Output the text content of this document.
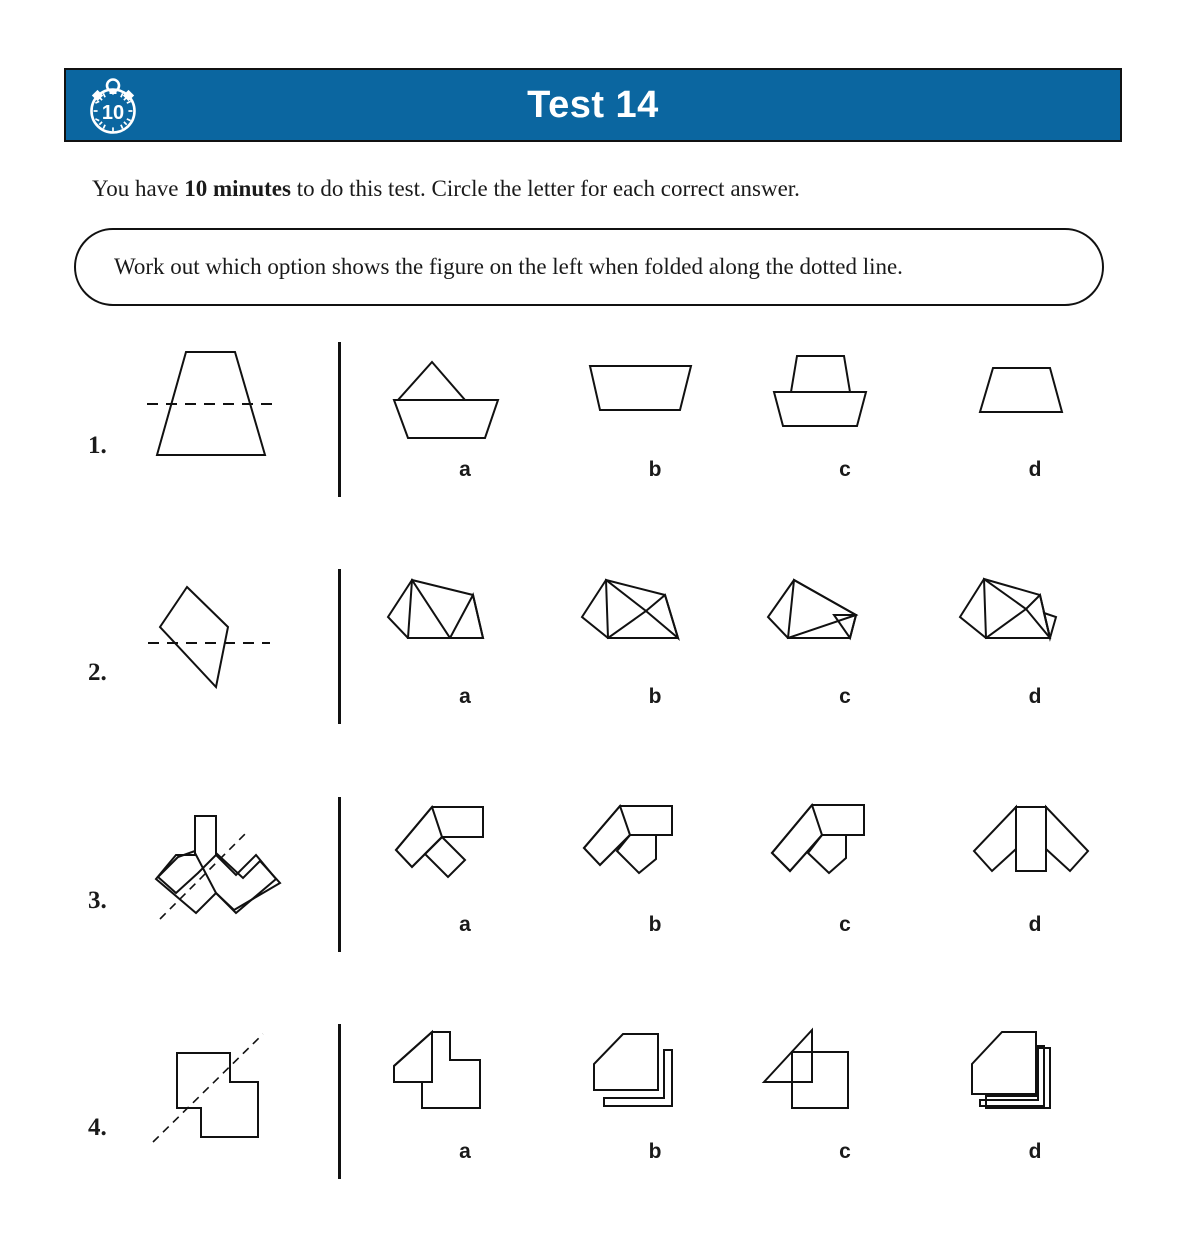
10	Test 14
You have 10 minutes to do this test. Circle the letter for each correct answer.
Work out which option shows the figure on the left when folded along the dotted line.
1.
a	b	c	d
2.
a	b	c	d
3.
a	b	c	d
4.
a	b	c	d
